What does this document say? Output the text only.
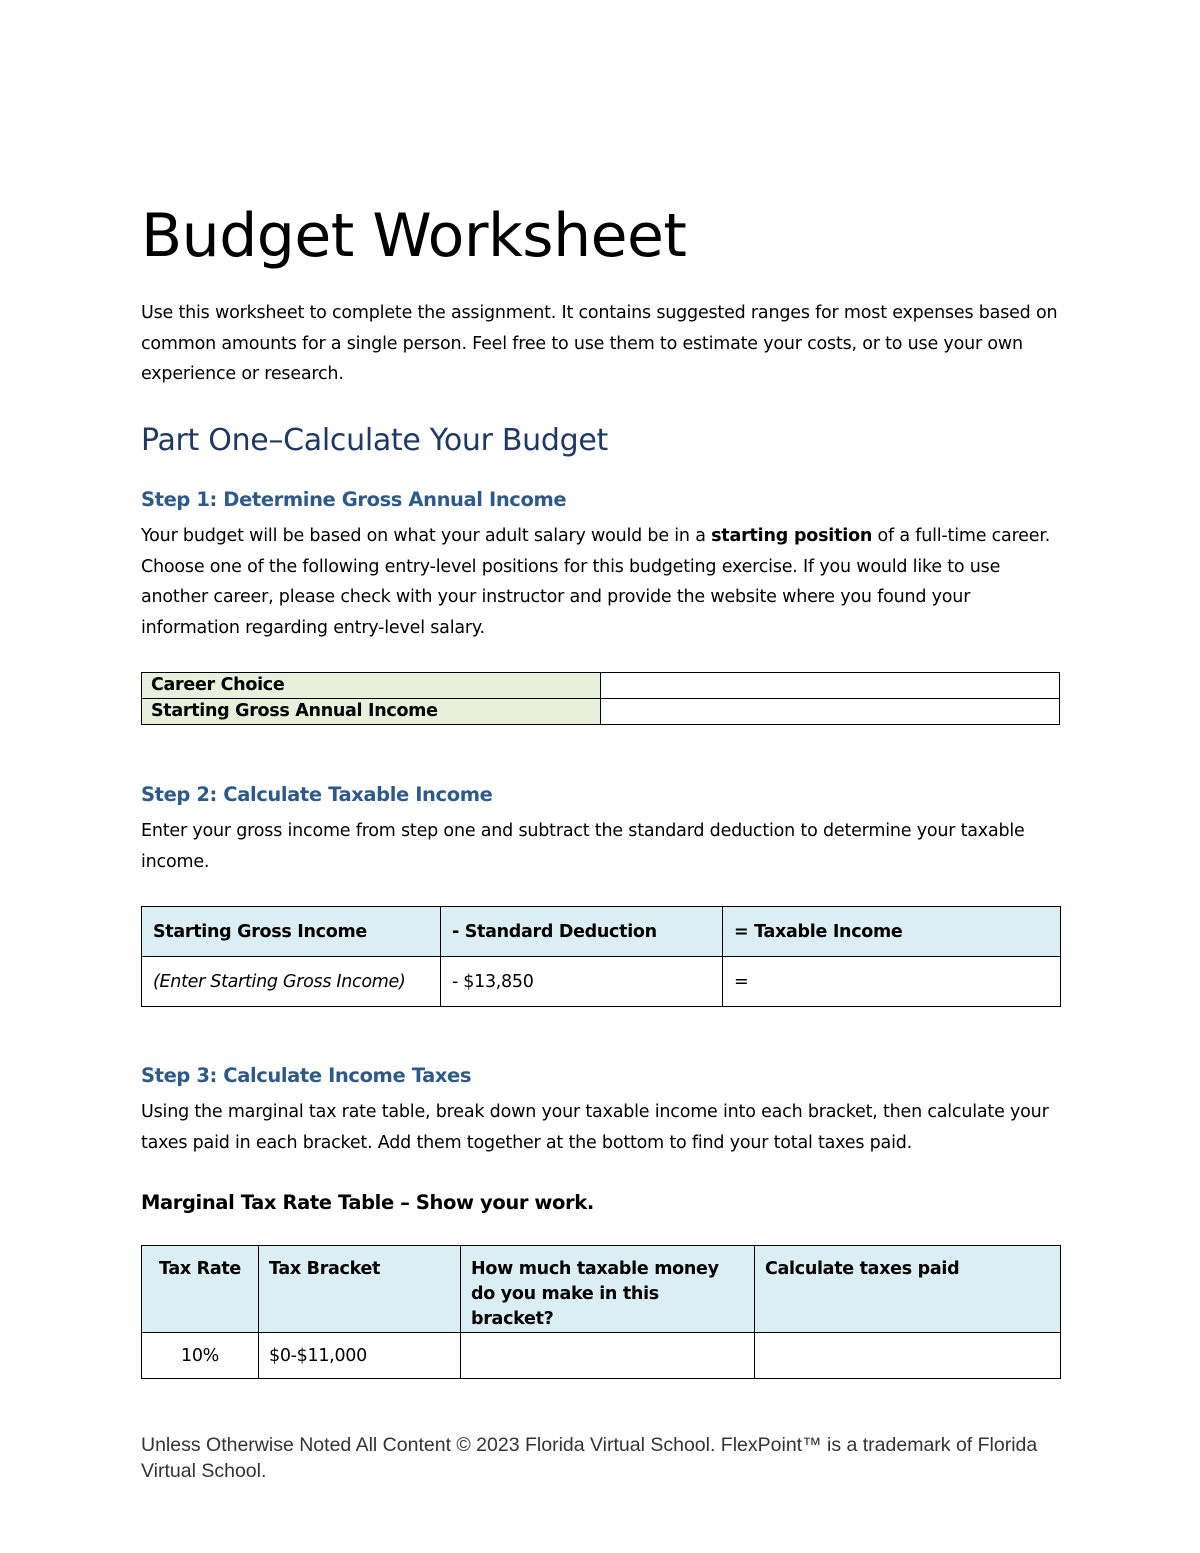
Budget Worksheet

Use this worksheet to complete the assignment. It contains suggested ranges for most expenses based on common amounts for a single person. Feel free to use them to estimate your costs, or to use your own experience or research.

Part One–Calculate Your Budget
Step 1: Determine Gross Annual Income

Your budget will be based on what your adult salary would be in a starting position of a full-time career. Choose one of the following entry-level positions for this budgeting exercise. If you would like to use another career, please check with your instructor and provide the website where you found your information regarding entry-level salary.

Career Choice	
Starting Gross Annual Income	
Step 2: Calculate Taxable Income

Enter your gross income from step one and subtract the standard deduction to determine your taxable income.

Starting Gross Income	- Standard Deduction	= Taxable Income
(Enter Starting Gross Income)	- $13,850	=
Step 3: Calculate Income Taxes

Using the marginal tax rate table, break down your taxable income into each bracket, then calculate your taxes paid in each bracket. Add them together at the bottom to find your total taxes paid.

Marginal Tax Rate Table – Show your work.
Tax Rate	Tax Bracket	How much taxable money do you make in this bracket?	Calculate taxes paid
10%	$0-$11,000		

Unless Otherwise Noted All Content © 2023 Florida Virtual School. FlexPoint™ is a trademark of Florida Virtual School.
